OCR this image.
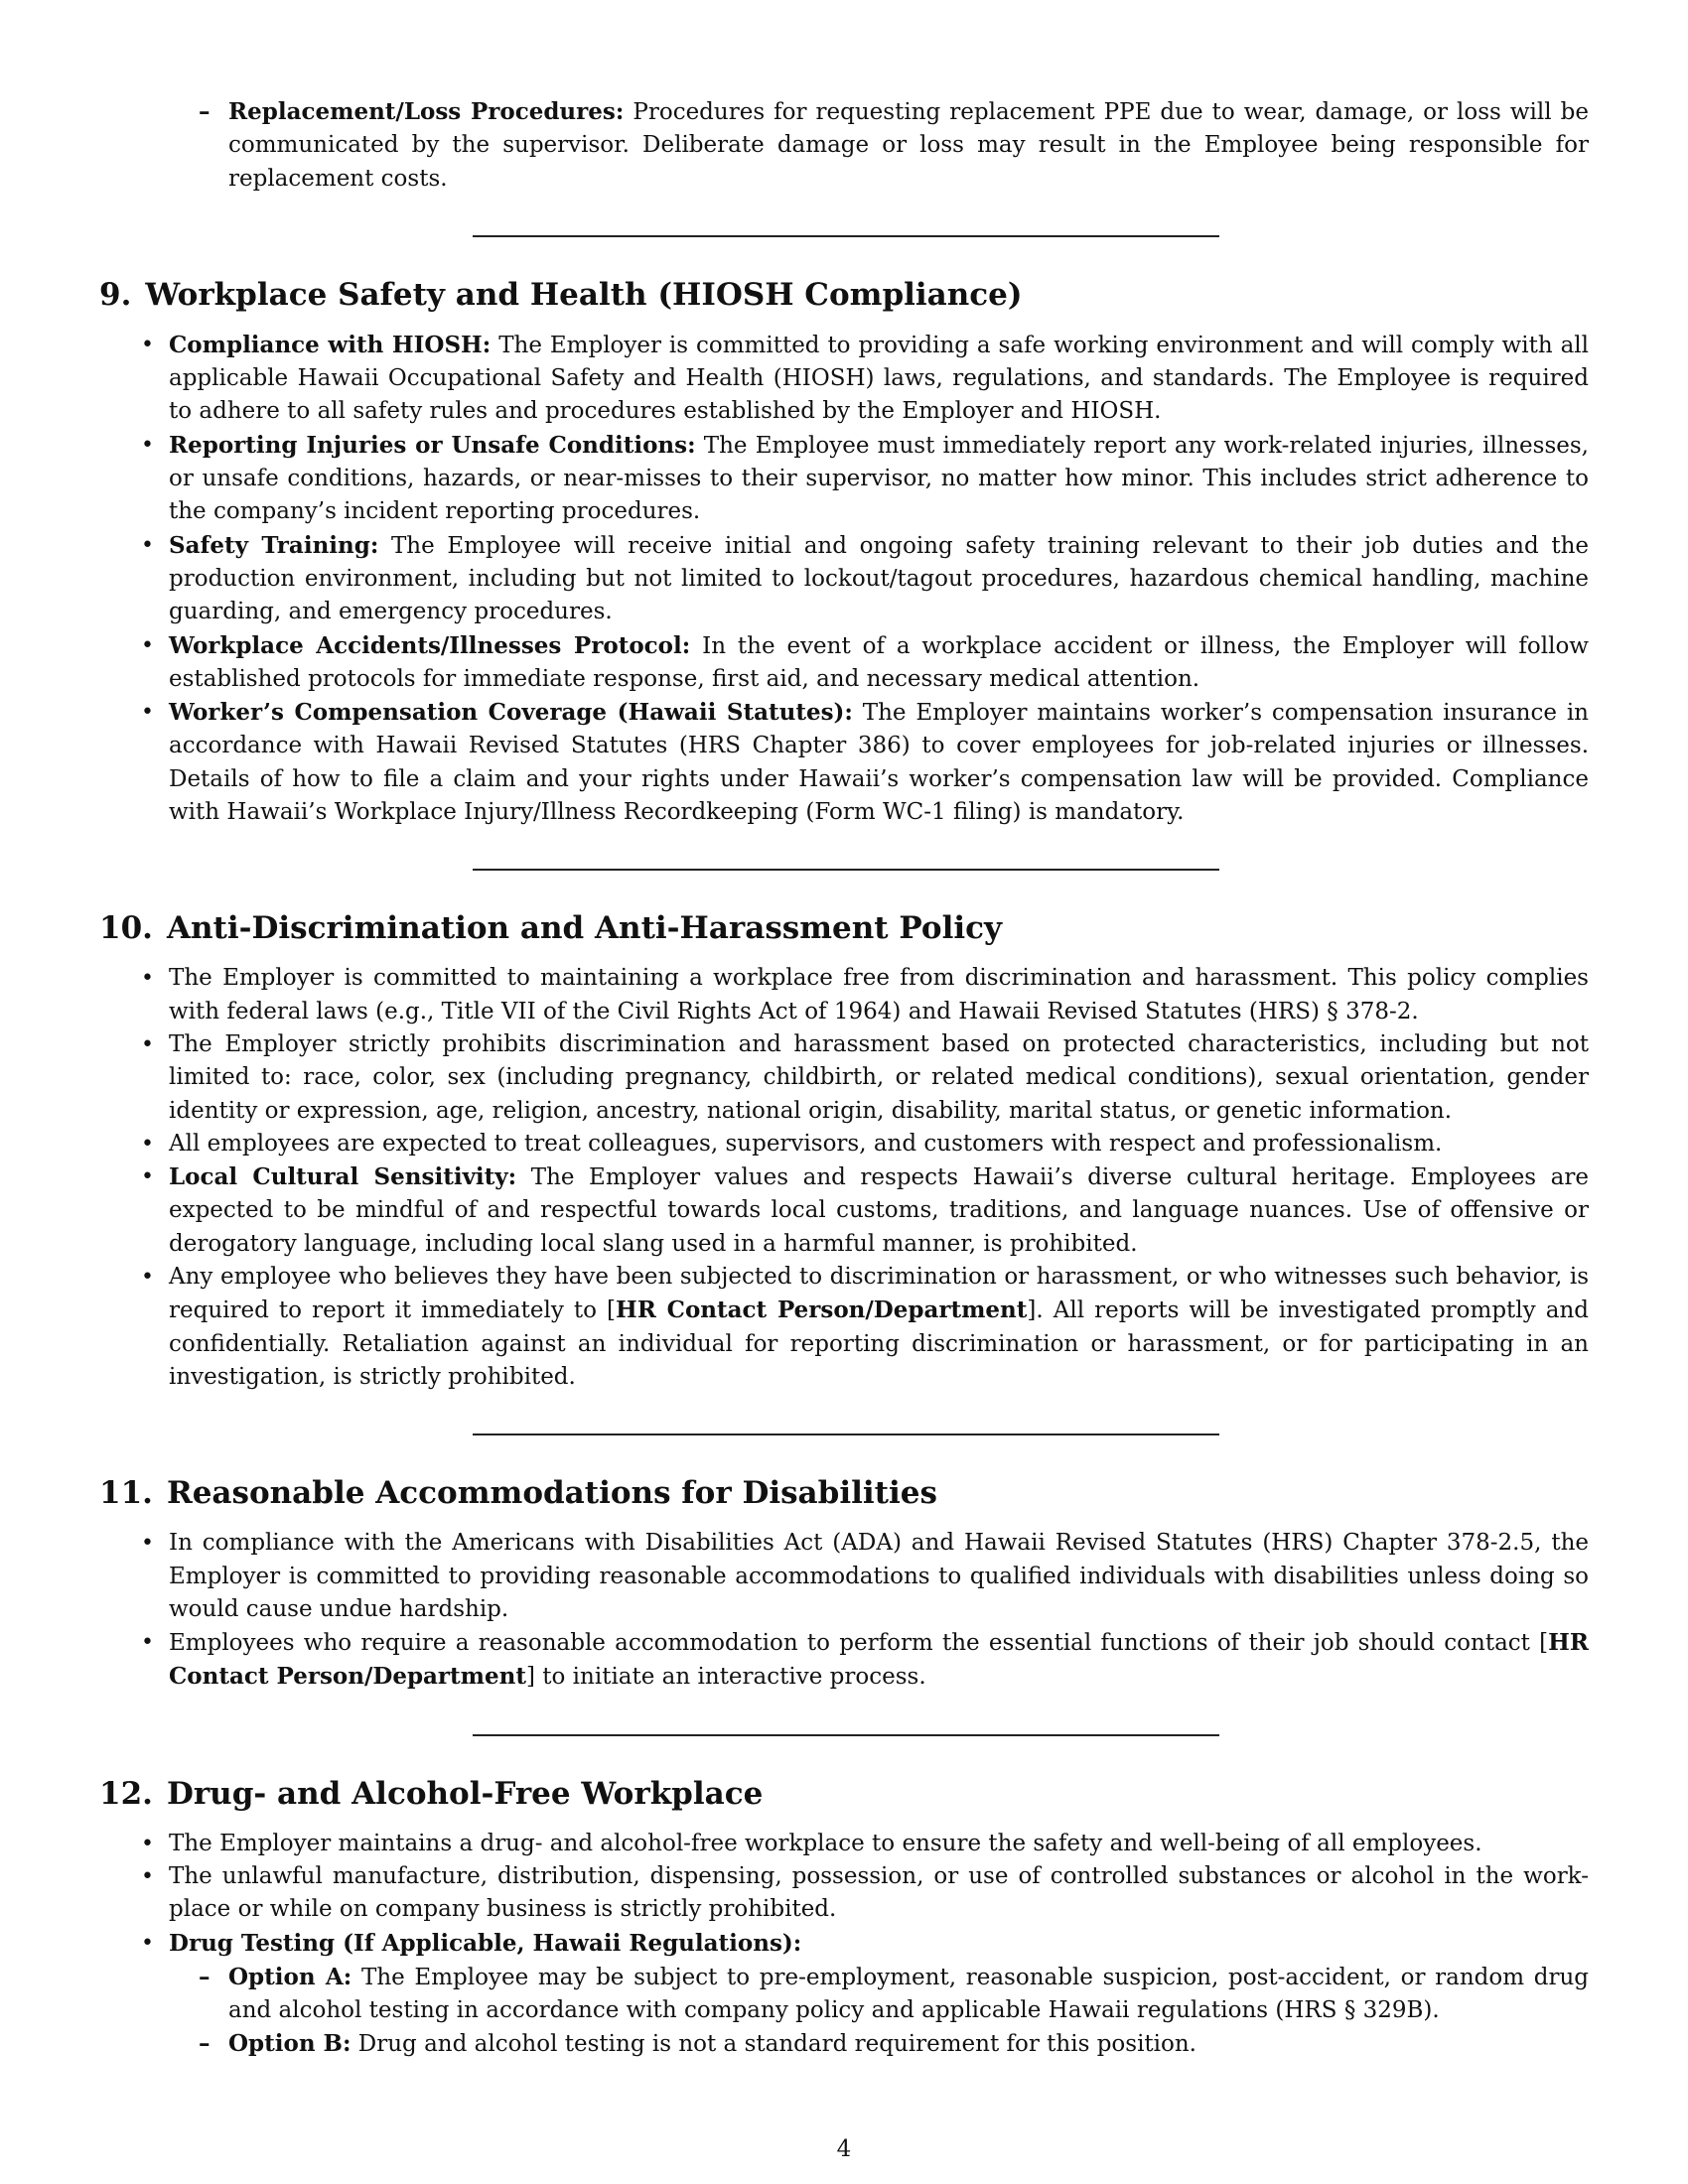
– Replacement/Loss Procedures: Procedures for requesting replacement PPE due to wear, damage, or loss will be communicated by the supervisor. Deliberate damage or loss may result in the Employee being responsible for replacement costs.
9. Workplace Safety and Health (HIOSH Compliance)
• Compliance with HIOSH: The Employer is committed to providing a safe working environment and will comply with all applicable Hawaii Occupational Safety and Health (HIOSH) laws, regulations, and standards. The Employee is required to adhere to all safety rules and procedures established by the Employer and HIOSH.
• Reporting Injuries or Unsafe Conditions: The Employee must immediately report any work-related injuries, illnesses, or unsafe conditions, hazards, or near-misses to their supervisor, no matter how minor. This includes strict adherence to the company’s incident reporting procedures.
• Safety Training: The Employee will receive initial and ongoing safety training relevant to their job duties and the production environment, including but not limited to lockout/tagout procedures, hazardous chemical handling, machine guarding, and emergency procedures.
• Workplace Accidents/Illnesses Protocol: In the event of a workplace accident or illness, the Employer will follow established protocols for immediate response, first aid, and necessary medical attention.
• Worker’s Compensation Coverage (Hawaii Statutes): The Employer maintains worker’s compensation insurance in accordance with Hawaii Revised Statutes (HRS Chapter 386) to cover employees for job-related injuries or illnesses. Details of how to file a claim and your rights under Hawaii’s worker’s compensation law will be provided. Compliance with Hawaii’s Workplace Injury/Illness Recordkeeping (Form WC-1 filing) is mandatory.
10. Anti-Discrimination and Anti-Harassment Policy
• The Employer is committed to maintaining a workplace free from discrimination and harassment. This policy complies with federal laws (e.g., Title VII of the Civil Rights Act of 1964) and Hawaii Revised Statutes (HRS) § 378-2.
• The Employer strictly prohibits discrimination and harassment based on protected characteristics, including but not limited to: race, color, sex (including pregnancy, childbirth, or related medical conditions), sexual orientation, gender identity or expression, age, religion, ancestry, national origin, disability, marital status, or genetic information.
• All employees are expected to treat colleagues, supervisors, and customers with respect and professionalism.
• Local Cultural Sensitivity: The Employer values and respects Hawaii’s diverse cultural heritage. Employees are expected to be mindful of and respectful towards local customs, traditions, and language nuances. Use of offensive or derogatory language, including local slang used in a harmful manner, is prohibited.
• Any employee who believes they have been subjected to discrimination or harassment, or who witnesses such behavior, is required to report it immediately to [HR Contact Person/Department]. All reports will be investigated promptly and confidentially. Retaliation against an individual for reporting discrimination or harassment, or for participating in an investigation, is strictly prohibited.
11. Reasonable Accommodations for Disabilities
• In compliance with the Americans with Disabilities Act (ADA) and Hawaii Revised Statutes (HRS) Chapter 378-2.5, the Employer is committed to providing reasonable accommodations to qualified individuals with disabilities unless doing so would cause undue hardship.
• Employees who require a reasonable accommodation to perform the essential functions of their job should contact [HR Contact Person/Department] to initiate an interactive process.
12. Drug- and Alcohol-Free Workplace
• The Employer maintains a drug- and alcohol-free workplace to ensure the safety and well-being of all employees.
• The unlawful manufacture, distribution, dispensing, possession, or use of controlled substances or alcohol in the work- place or while on company business is strictly prohibited.
• Drug Testing (If Applicable, Hawaii Regulations):
– Option A: The Employee may be subject to pre-employment, reasonable suspicion, post-accident, or random drug and alcohol testing in accordance with company policy and applicable Hawaii regulations (HRS § 329B).
– Option B: Drug and alcohol testing is not a standard requirement for this position.
4
